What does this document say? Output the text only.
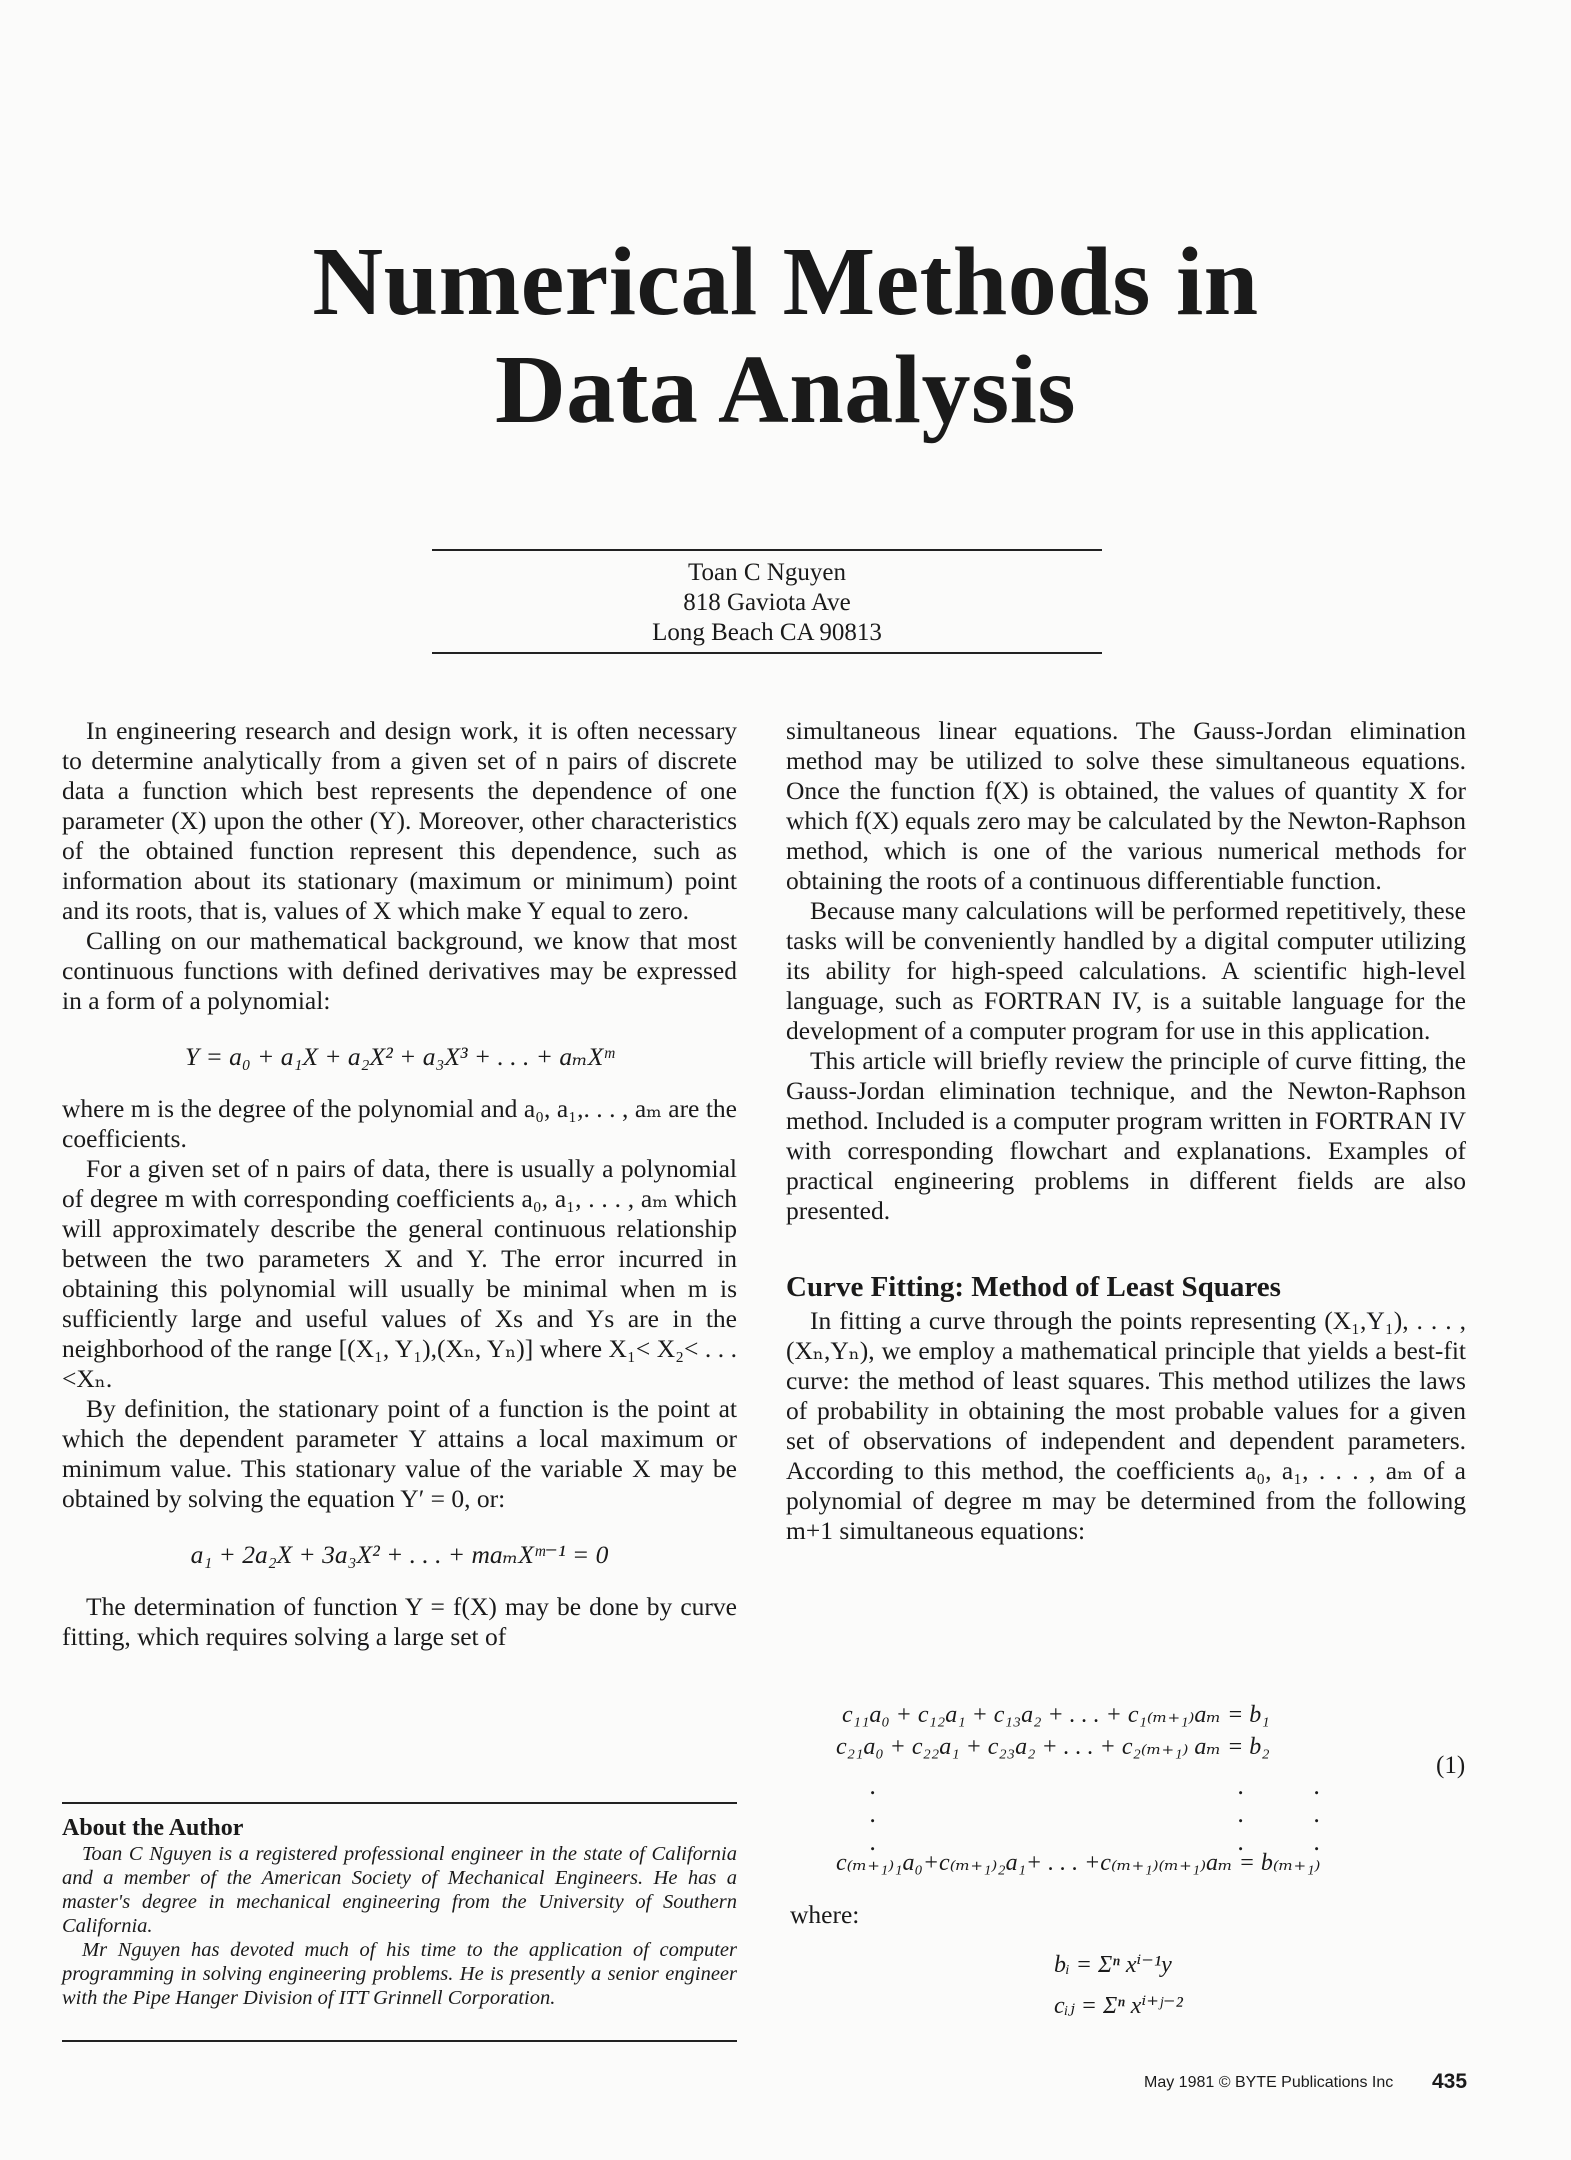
Numerical Methods in
Data Analysis
Toan C Nguyen
818 Gaviota Ave
Long Beach CA 90813

In engineering research and design work, it is often necessary to determine analytically from a given set of n pairs of discrete data a function which best represents the dependence of one parameter (X) upon the other (Y). Moreover, other characteristics of the obtained function represent this dependence, such as information about its stationary (maximum or minimum) point and its roots, that is, values of X which make Y equal to zero.

Calling on our mathematical background, we know that most continuous functions with defined derivatives may be expressed in a form of a polynomial:

Y = a₀ + a₁X + a₂X² + a₃X³ + . . . + aₘXᵐ

where m is the degree of the polynomial and a₀, a₁,. . . , aₘ are the coefficients.

For a given set of n pairs of data, there is usually a polynomial of degree m with corresponding coefficients a₀, a₁, . . . , aₘ which will approximately describe the general continuous relationship between the two parameters X and Y. The error incurred in obtaining this polynomial will usually be minimal when m is sufficiently large and useful values of Xs and Ys are in the neighborhood of the range [(X₁, Y₁),(Xₙ, Yₙ)] where X₁< X₂< . . . <Xₙ.

By definition, the stationary point of a function is the point at which the dependent parameter Y attains a local maximum or minimum value. This stationary value of the variable X may be obtained by solving the equation Y′ = 0, or:

a₁ + 2a₂X + 3a₃X² + . . . + maₘXᵐ⁻¹ = 0

The determination of function Y = f(X) may be done by curve fitting, which requires solving a large set of

About the Author

Toan C Nguyen is a registered professional engineer in the state of California and a member of the American Society of Mechanical Engineers. He has a master's degree in mechanical engineering from the University of Southern California.

Mr Nguyen has devoted much of his time to the application of computer programming in solving engineering problems. He is presently a senior engineer with the Pipe Hanger Division of ITT Grinnell Corporation.

simultaneous linear equations. The Gauss-Jordan elimination method may be utilized to solve these simultaneous equations. Once the function f(X) is obtained, the values of quantity X for which f(X) equals zero may be calculated by the Newton-Raphson method, which is one of the various numerical methods for obtaining the roots of a continuous differentiable function.

Because many calculations will be performed repetitively, these tasks will be conveniently handled by a digital computer utilizing its ability for high-speed calculations. A scientific high-level language, such as FORTRAN IV, is a suitable language for the development of a computer program for use in this application.

This article will briefly review the principle of curve fitting, the Gauss-Jordan elimination technique, and the Newton-Raphson method. Included is a computer program written in FORTRAN IV with corresponding flowchart and explanations. Examples of practical engineering problems in different fields are also presented.

Curve Fitting: Method of Least Squares

In fitting a curve through the points representing (X₁,Y₁), . . . , (Xₙ,Yₙ), we employ a mathematical principle that yields a best-fit curve: the method of least squares. This method utilizes the laws of probability in obtaining the most probable values for a given set of observations of independent and dependent parameters. According to this method, the coefficients a₀, a₁, . . . , aₘ of a polynomial of degree m may be determined from the following m+1 simultaneous equations:

c₁₁a₀ + c₁₂a₁ + c₁₃a₂ + . . . + c₁₍ₘ₊₁₎aₘ = b₁
c₂₁a₀ + c₂₂a₁ + c₂₃a₂ + . . . + c₂₍ₘ₊₁₎ aₘ = b₂
.
.
.
.
.
.
.
.
.
c₍ₘ₊₁₎₁a₀+c₍ₘ₊₁₎₂a₁+ . . . +c₍ₘ₊₁₎₍ₘ₊₁₎aₘ = b₍ₘ₊₁₎
(1)
where:
bᵢ = Σⁿ xⁱ⁻¹y
cᵢⱼ = Σⁿ xⁱ⁺ʲ⁻²
May 1981 © BYTE Publications Inc 435
